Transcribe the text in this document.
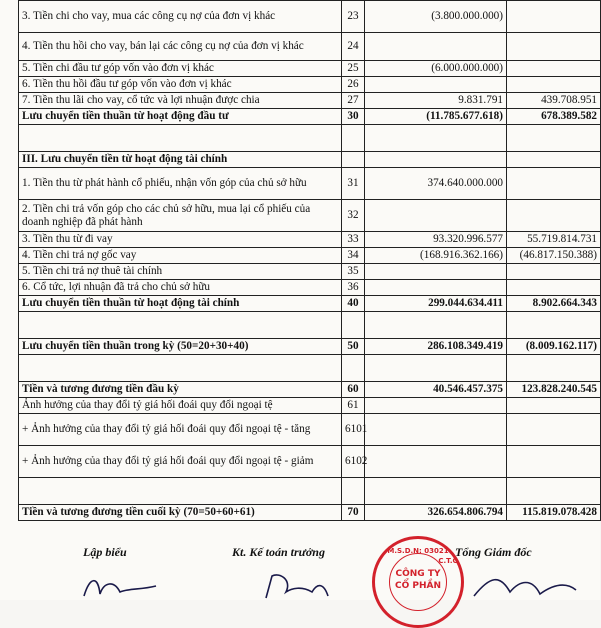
3. Tiền chi cho vay, mua các công cụ nợ của đơn vị khác	23	(3.800.000.000)	
4. Tiền thu hồi cho vay, bán lại các công cụ nợ của đơn vị khác	24		
5. Tiền chi đầu tư góp vốn vào đơn vị khác	25	(6.000.000.000)	
6. Tiền thu hồi đầu tư góp vốn vào đơn vị khác	26		
7. Tiền thu lãi cho vay, cổ tức và lợi nhuận được chia	27	9.831.791	439.708.951
Lưu chuyển tiền thuần từ hoạt động đầu tư	30	(11.785.677.618)	678.389.582

III. Lưu chuyển tiền từ hoạt động tài chính			
1. Tiền thu từ phát hành cổ phiếu, nhận vốn góp của chủ sở hữu	31	374.640.000.000	
2. Tiền chi trả vốn góp cho các chủ sở hữu, mua lại cổ phiếu của doanh nghiệp đã phát hành	32		
3. Tiền thu từ đi vay	33	93.320.996.577	55.719.814.731
4. Tiền chi trả nợ gốc vay	34	(168.916.362.166)	(46.817.150.388)
5. Tiền chi trả nợ thuê tài chính	35		
6. Cổ tức, lợi nhuận đã trả cho chủ sở hữu	36		
Lưu chuyển tiền thuần từ hoạt động tài chính	40	299.044.634.411	8.902.664.343

Lưu chuyển tiền thuần trong kỳ (50=20+30+40)	50	286.108.349.419	(8.009.162.117)

Tiền và tương đương tiền đầu kỳ	60	40.546.457.375	123.828.240.545
Ảnh hưởng của thay đổi tỷ giá hối đoái quy đổi ngoại tệ	61		
+ Ảnh hưởng của thay đổi tỷ giá hối đoái quy đổi ngoại tệ - tăng	6101		
+ Ảnh hưởng của thay đổi tỷ giá hối đoái quy đổi ngoại tệ - giảm	6102		

Tiền và tương đương tiền cuối kỳ (70=50+60+61)	70	326.654.806.794	115.819.078.428
Lập biểu	Kt. Kế toán trưởng	Tổng Giám đốc
M.S.D.N: 03021
CÔNG TY
CỔ PHẦN
C.T.C
